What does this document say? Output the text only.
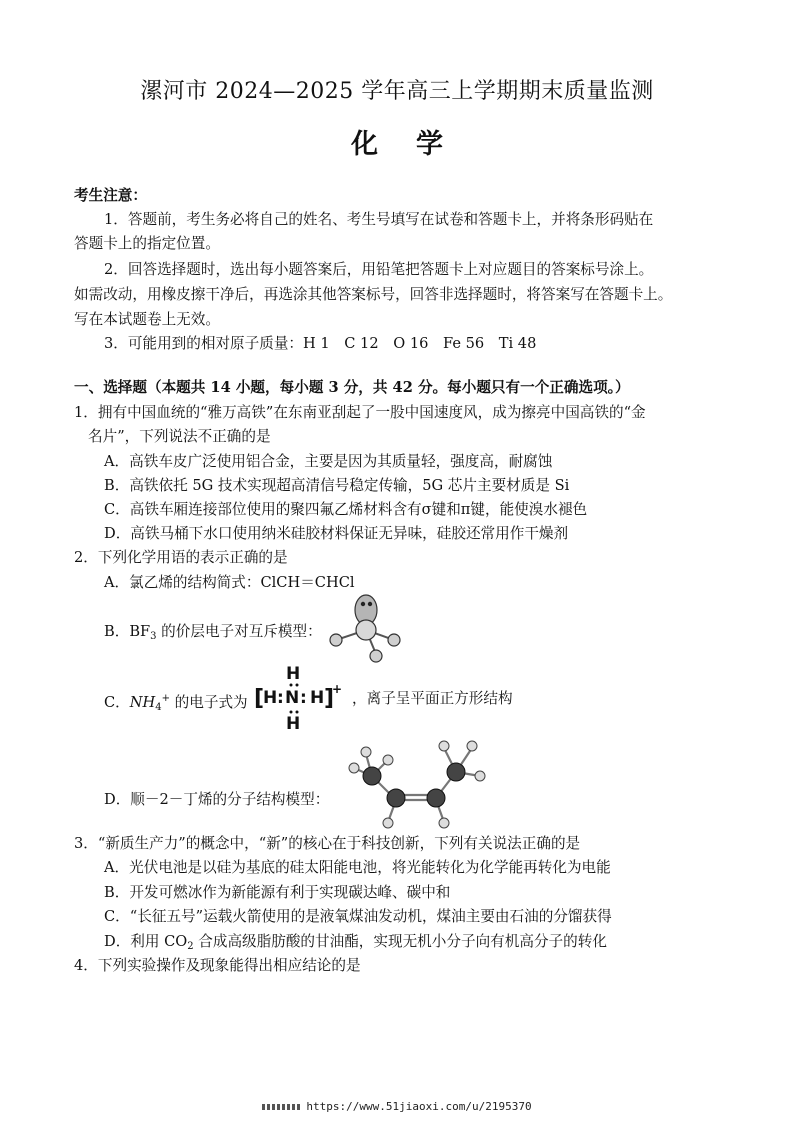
漯河市 2024—2025 学年高三上学期期末质量监测
化学
考生注意：
1．答题前，考生务必将自己的姓名、考生号填写在试卷和答题卡上，并将条形码贴在
答题卡上的指定位置。
2．回答选择题时，选出每小题答案后，用铅笔把答题卡上对应题目的答案标号涂上。
如需改动，用橡皮擦干净后，再选涂其他答案标号，回答非选择题时，将答案写在答题卡上。
写在本试题卷上无效。
3．可能用到的相对原子质量：H 1　C 12　O 16　Fe 56　Ti 48
一、选择题（本题共 14 小题，每小题 3 分，共 42 分。每小题只有一个正确选项。）
1．拥有中国血统的“雅万高铁”在东南亚刮起了一股中国速度风，成为擦亮中国高铁的“金
名片”，下列说法不正确的是
A．高铁车皮广泛使用铝合金，主要是因为其质量轻，强度高，耐腐蚀
B．高铁依托 5G 技术实现超高清信号稳定传输，5G 芯片主要材质是 Si
C．高铁车厢连接部位使用的聚四氟乙烯材料含有σ键和π键，能使溴水褪色
D．高铁马桶下水口使用纳米硅胶材料保证无异味，硅胶还常用作干燥剂
2．下列化学用语的表示正确的是
A．氯乙烯的结构简式：ClCH＝CHCl
B．$BF_3$ 的价层电子对互斥模型：
C．$NH_4^+$ 的电子式为
H
[
H : N : H ]
+
H
，离子呈平面正方形结构
D．顺－2－丁烯的分子结构模型：
3．“新质生产力”的概念中，“新”的核心在于科技创新，下列有关说法正确的是
A．光伏电池是以硅为基底的硅太阳能电池，将光能转化为化学能再转化为电能
B．开发可燃冰作为新能源有利于实现碳达峰、碳中和
C．“长征五号”运载火箭使用的是液氧煤油发动机，煤油主要由石油的分馏获得
D．利用 $CO_2$ 合成高级脂肪酸的甘油酯，实现无机小分子向有机高分子的转化
4．下列实验操作及现象能得出相应结论的是
https://www.51jiaoxi.com/u/2195370
